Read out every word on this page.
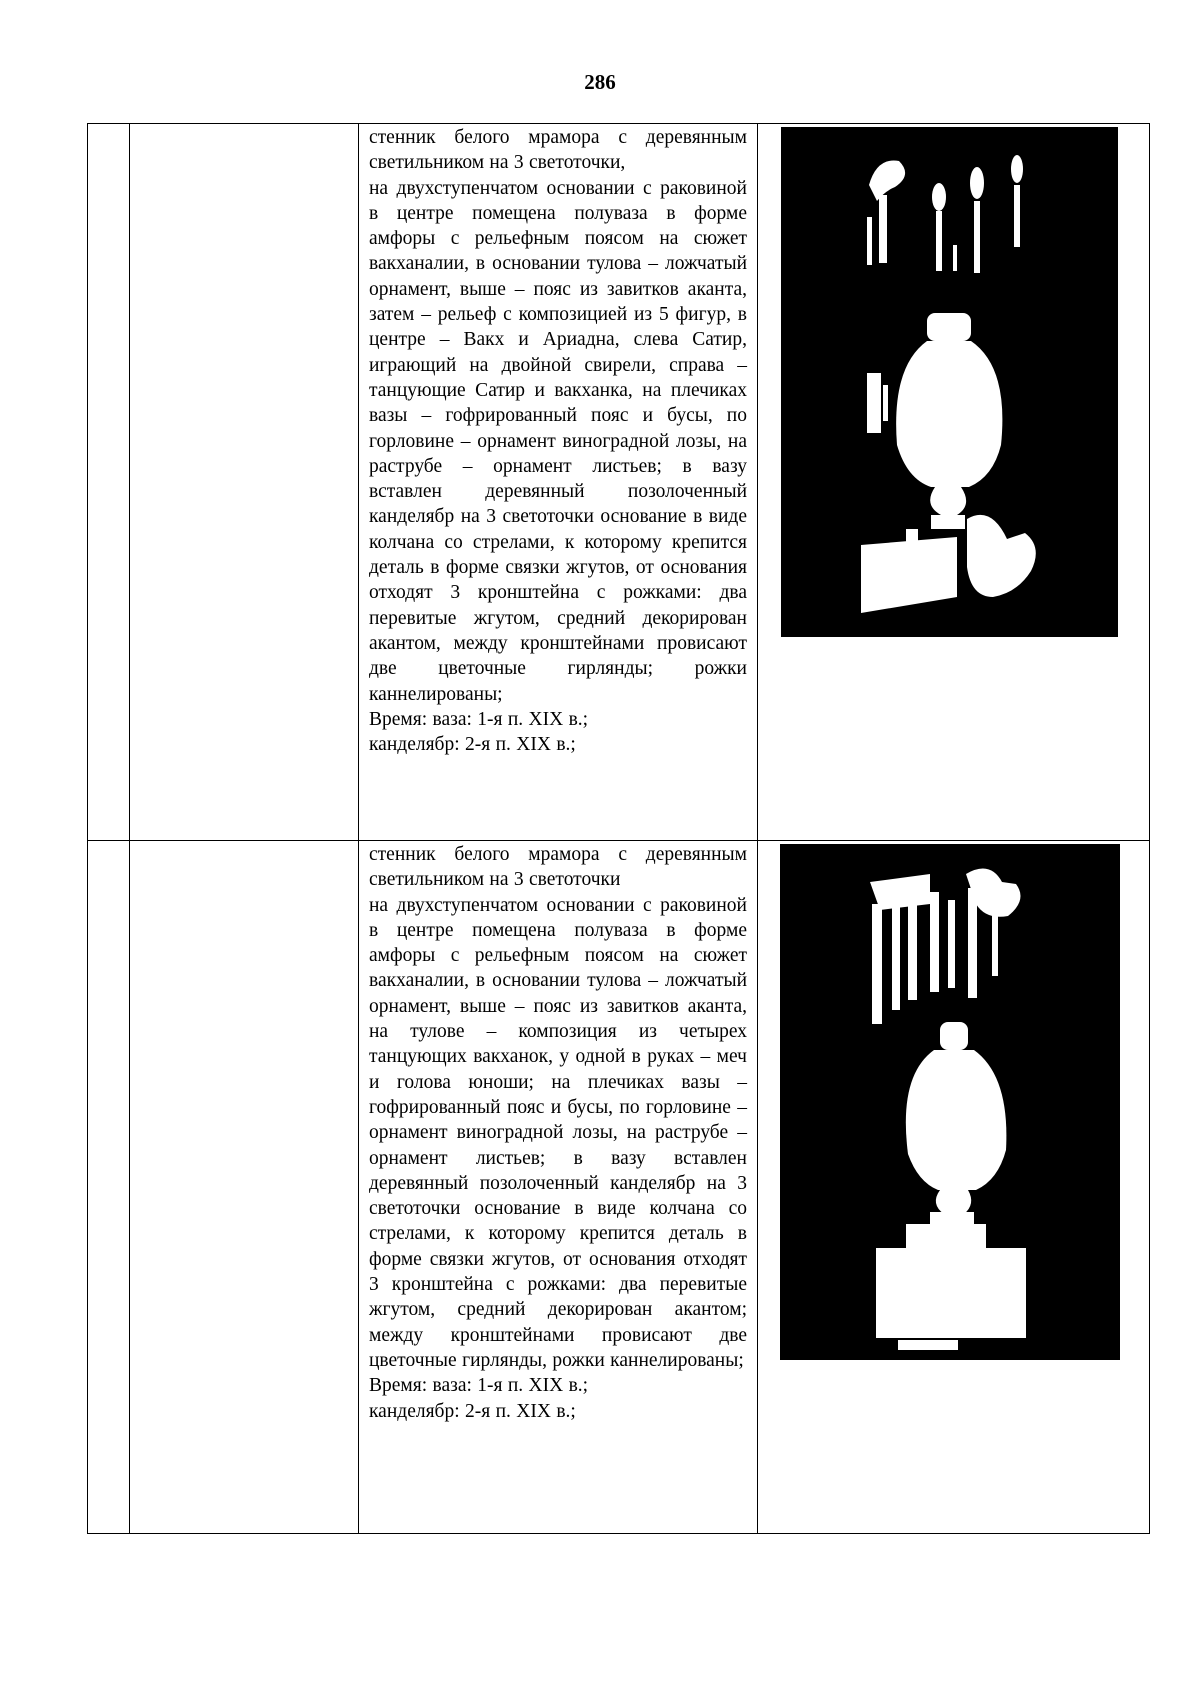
286

		стенник белого мрамора с деревянным светильником на 3 светоточки,

на двухступенчатом основании с раковиной в центре помещена полуваза в форме амфоры с рельефным поясом на сюжет вакханалии, в основании тулова – ложчатый орнамент, выше – пояс из завитков аканта, затем – рельеф с композицией из 5 фигур, в центре – Вакх и Ариадна, слева Сатир, играющий на двойной свирели, справа – танцующие Сатир и вакханка, на плечиках вазы – гофрированный пояс и бусы, по горловине – орнамент виноградной лозы, на раструбе – орнамент листьев; в вазу вставлен деревянный позолоченный канделябр на 3 светоточки основание в виде колчана со стрелами, к которому крепится деталь в форме связки жгутов, от основания отходят 3 кронштейна с рожками: два перевитые жгутом, средний декорирован акантом, между кронштейнами провисают две цветочные гирлянды; рожки каннелированы;

Время: ваза: 1-я п. XIX в.;

канделябр: 2-я п. XIX в.;

		стенник белого мрамора с деревянным светильником на 3 светоточки

на двухступенчатом основании с раковиной в центре помещена полуваза в форме амфоры с рельефным поясом на сюжет вакханалии, в основании тулова – ложчатый орнамент, выше – пояс из завитков аканта, на тулове – композиция из четырех танцующих вакханок, у одной в руках – меч и голова юноши; на плечиках вазы – гофрированный пояс и бусы, по горловине – орнамент виноградной лозы, на раструбе – орнамент листьев; в вазу вставлен деревянный позолоченный канделябр на 3 светоточки основание в виде колчана со стрелами, к которому крепится деталь в форме связки жгутов, от основания отходят 3 кронштейна с рожками: два перевитые жгутом, средний декорирован акантом; между кронштейнами провисают две цветочные гирлянды, рожки каннелированы;

Время: ваза: 1-я п. XIX в.;

канделябр: 2-я п. XIX в.;
